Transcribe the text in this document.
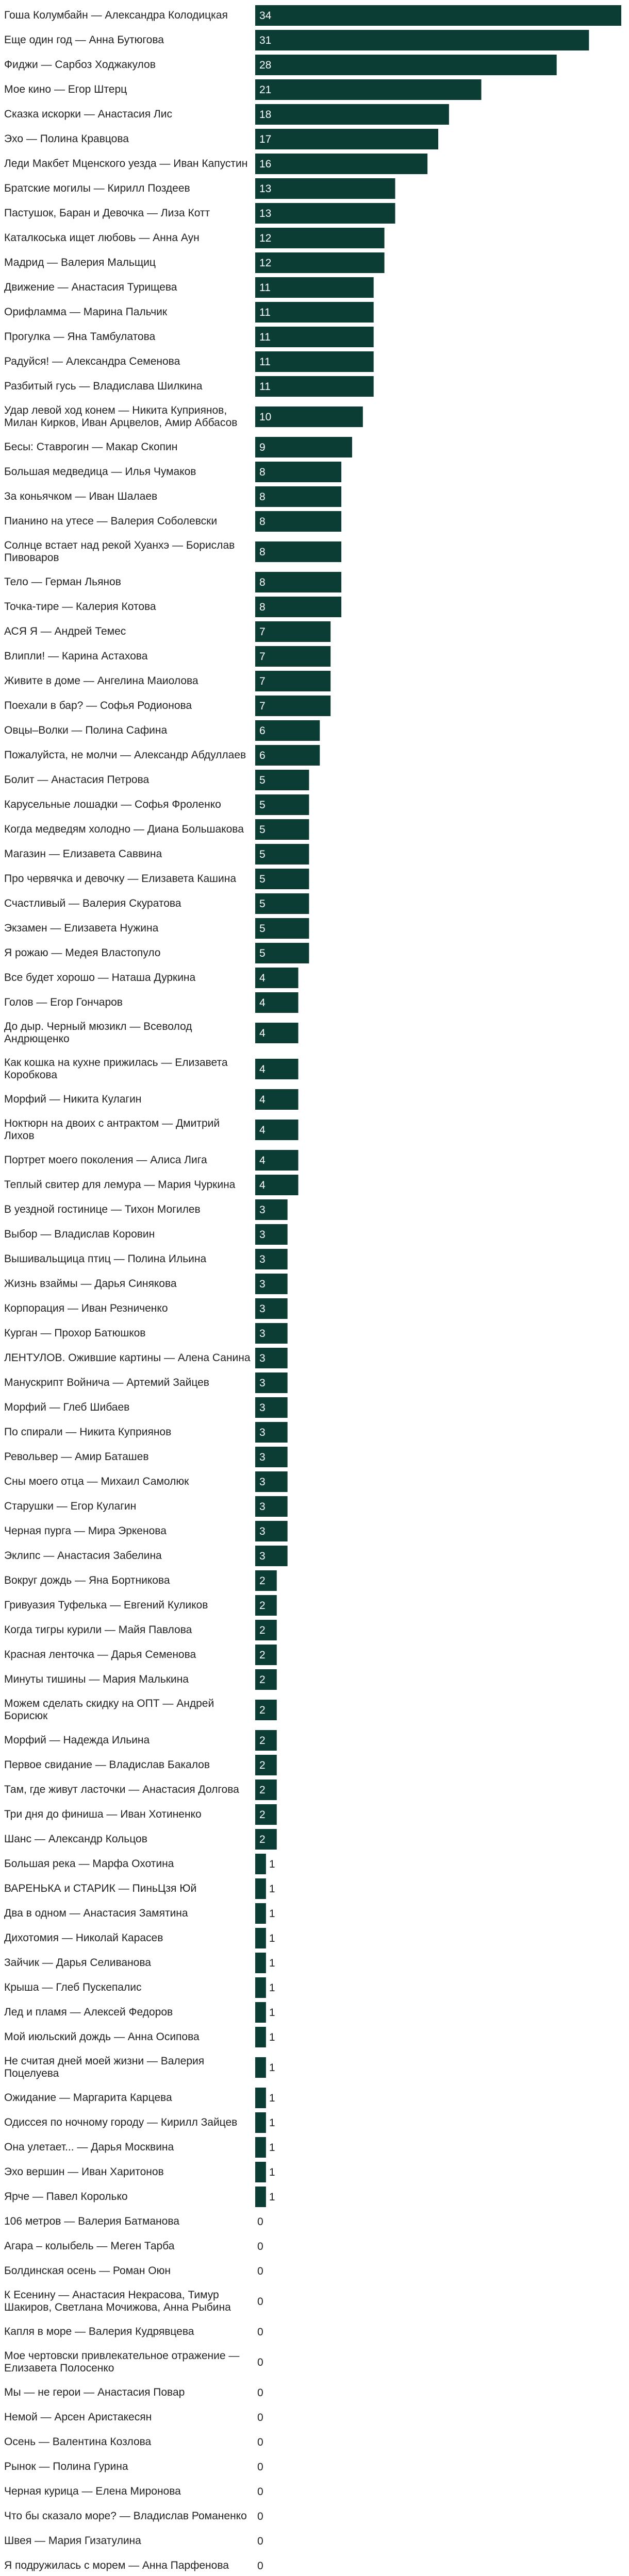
Гоша Колумбайн — Александра Колодицкая	34
Еще один год — Анна Бутюгова	31
Фиджи — Сарбоз Ходжакулов	28
Мое кино — Егор Штерц	21
Сказка искорки — Анастасия Лис	18
Эхо — Полина Кравцова	17
Леди Макбет Мценского уезда — Иван Капустин 16
Братские могилы — Кирилл Поздеев	13
Пастушок, Баран и Девочка — Лиза Котт	13
Каталкоська ищет любовь — Анна Аун	12
Мадрид — Валерия Мальщиц	12
Движение — Анастасия Турищева	11
Орифламма — Марина Пальчик	11
Прогулка — Яна Тамбулатова	11
Радуйся! — Александра Семенова	11
Разбитый гусь — Владислава Шилкина	11
Удар левой ход конем — Никита Куприянов, Милан Кирков, Иван Арцвелов, Амир Аббасов 10
Бесы: Ставрогин — Макар Скопин	9
Большая медведица — Илья Чумаков	8
За коньячком — Иван Шалаев	8
Пианино на утесе — Валерия Соболевски	8
Солнце встает над рекой Хуанхэ — Борислав Пивоваров	8
Тело — Герман Льянов	8
Точка-тире — Калерия Котова	8
АСЯ Я — Андрей Темес	7
Влипли! — Карина Астахова	7
Живите в доме — Ангелина Маиолова	7
Поехали в бар? — Софья Родионова	7
Овцы–Волки — Полина Сафина	6
Пожалуйста, не молчи — Александр Абдуллаев 6
Болит — Анастасия Петрова	5
Карусельные лошадки — Софья Фроленко	5
Когда медведям холодно — Диана Большакова 5
Магазин — Елизавета Саввина	5
Про червячка и девочку — Елизавета Кашина 5
Счастливый — Валерия Скуратова	5
Экзамен — Елизавета Нужина	5
Я рожаю — Медея Властопуло	5
Все будет хорошо — Наташа Дуркина	4
Голов — Егор Гончаров	4
До дыр. Черный мюзикл — Всеволод Андрющенко	4
Как кошка на кухне прижилась — Елизавета Коробкова	4
Морфий — Никита Кулагин	4
Ноктюрн на двоих с антрактом — Дмитрий Лихов	4
Портрет моего поколения — Алиса Лига	4
Теплый свитер для лемура — Мария Чуркина 4
В уездной гостинице — Тихон Могилев	3
Выбор — Владислав Коровин	3
Вышивальщица птиц — Полина Ильина	3
Жизнь взаймы — Дарья Синякова	3
Корпорация — Иван Резниченко	3
Курган — Прохор Батюшков	3
ЛЕНТУЛОВ. Ожившие картины — Алена Санина 3
Манускрипт Войнича — Артемий Зайцев	3
Морфий — Глеб Шибаев	3
По спирали — Никита Куприянов	3
Револьвер — Амир Баташев	3
Сны моего отца — Михаил Самолюк	3
Старушки — Егор Кулагин	3
Черная пурга — Мира Эркенова	3
Эклипс — Анастасия Забелина	3
Вокруг дождь — Яна Бортникова	2
Гривуазия Туфелька — Евгений Куликов	2
Когда тигры курили — Майя Павлова	2
Красная ленточка — Дарья Семенова	2
Минуты тишины — Мария Малькина	2
Можем сделать скидку на ОПТ — Андрей Борисюк	2
Морфий — Надежда Ильина	2
Первое свидание — Владислав Бакалов	2
Там, где живут ласточки — Анастасия Долгова 2
Три дня до финиша — Иван Хотиненко	2
Шанс — Александр Кольцов	2
Большая река — Марфа Охотина	1
ВАРЕНЬКА и СТАРИК — ПиньЦзя Юй	1
Два в одном — Анастасия Замятина	1
Дихотомия — Николай Карасев	1
Зайчик — Дарья Селиванова	1
Крыша — Глеб Пускепалис	1
Лед и пламя — Алексей Федоров	1
Мой июльский дождь — Анна Осипова	1
Не считая дней моей жизни — Валерия Поцелуева	1
Ожидание — Маргарита Карцева	1
Одиссея по ночному городу — Кирилл Зайцев	1
Она улетает... — Дарья Москвина	1
Эхо вершин — Иван Харитонов	1
Ярче — Павел Королько	1
106 метров — Валерия Батманова	0
Агара – колыбель — Меген Тарба	0
Болдинская осень — Роман Оюн	0
К Есенину — Анастасия Некрасова, Тимур Шакиров, Светлана Мочижова, Анна Рыбина 0
Капля в море — Валерия Кудрявцева	0
Мое чертовски привлекательное отражение — Елизавета Полосенко	0
Мы — не герои — Анастасия Повар	0
Немой — Арсен Аристакесян	0
Осень — Валентина Козлова	0
Рынок — Полина Гурина	0
Черная курица — Елена Миронова	0
Что бы сказало море? — Владислав Романенко 0
Швея — Мария Гизатулина	0
Я подружилась с морем — Анна Парфенова	0
